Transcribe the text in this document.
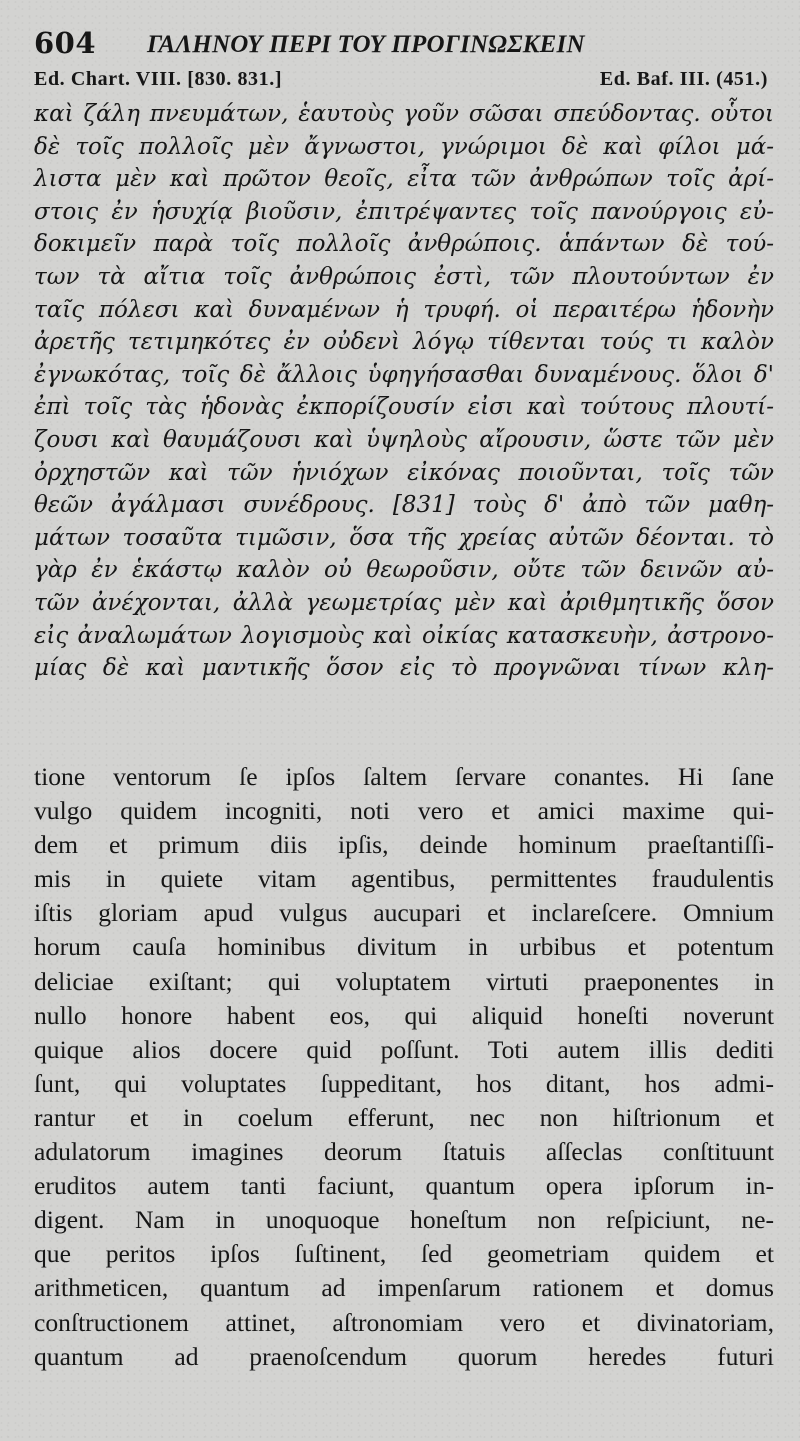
604 ΓΑΛΗΝΟΥ ΠΕΡΙ ΤΟΥ ΠΡΟΓΙΝΩΣΚΕΙΝ
Ed. Chart. VIII. [830. 831.]	Ed. Baf. III. (451.)
καὶ ζάλη πνευμάτων, ἑαυτοὺς γοῦν σῶσαι σπεύδοντας. οὗτοι
δὲ τοῖς πολλοῖς μὲν ἄγνωστοι, γνώριμοι δὲ καὶ φίλοι μά-
λιστα μὲν καὶ πρῶτον θεοῖς, εἶτα τῶν ἀνθρώπων τοῖς ἀρί-
στοις ἐν ἡσυχίᾳ βιοῦσιν, ἐπιτρέψαντες τοῖς πανούργοις εὐ-
δοκιμεῖν παρὰ τοῖς πολλοῖς ἀνθρώποις. ἁπάντων δὲ τού-
των τὰ αἴτια τοῖς ἀνθρώποις ἐστὶ, τῶν πλουτούντων ἐν
ταῖς πόλεσι καὶ δυναμένων ἡ τρυφή. οἱ περαιτέρω ἡδονὴν
ἀρετῆς τετιμηκότες ἐν οὐδενὶ λόγῳ τίθενται τούς τι καλὸν
ἐγνωκότας, τοῖς δὲ ἄλλοις ὑφηγήσασθαι δυναμένους. ὅλοι δ'
ἐπὶ τοῖς τὰς ἡδονὰς ἐκπορίζουσίν εἰσι καὶ τούτους πλουτί-
ζουσι καὶ θαυμάζουσι καὶ ὑψηλοὺς αἴρουσιν, ὥστε τῶν μὲν
ὀρχηστῶν καὶ τῶν ἡνιόχων εἰκόνας ποιοῦνται, τοῖς τῶν
θεῶν ἀγάλμασι συνέδρους. [831] τοὺς δ' ἀπὸ τῶν μαθη-
μάτων τοσαῦτα τιμῶσιν, ὅσα τῆς χρείας αὐτῶν δέονται. τὸ
γὰρ ἐν ἑκάστῳ καλὸν οὐ θεωροῦσιν, οὔτε τῶν δεινῶν αὐ-
τῶν ἀνέχονται, ἀλλὰ γεωμετρίας μὲν καὶ ἀριθμητικῆς ὅσον
εἰς ἀναλωμάτων λογισμοὺς καὶ οἰκίας κατασκευὴν, ἀστρονο-
μίας δὲ καὶ μαντικῆς ὅσον εἰς τὸ προγνῶναι τίνων κλη-
tione ventorum ſe ipſos ſaltem ſervare conantes. Hi ſane
vulgo quidem incogniti, noti vero et amici maxime qui-
dem et primum diis ipſis, deinde hominum praeſtantiſſi-
mis in quiete vitam agentibus, permittentes fraudulentis
iſtis gloriam apud vulgus aucupari et inclareſcere. Omnium
horum cauſa hominibus divitum in urbibus et potentum
deliciae exiſtant; qui voluptatem virtuti praeponentes in
nullo honore habent eos, qui aliquid honeſti noverunt
quique alios docere quid poſſunt. Toti autem illis dediti
ſunt, qui voluptates ſuppeditant, hos ditant, hos admi-
rantur et in coelum efferunt, nec non hiſtrionum et
adulatorum imagines deorum ſtatuis aſſeclas conſtituunt
eruditos autem tanti faciunt, quantum opera ipſorum in-
digent. Nam in unoquoque honeſtum non reſpiciunt, ne-
que peritos ipſos ſuſtinent, ſed geometriam quidem et
arithmeticen, quantum ad impenſarum rationem et domus
conſtructionem attinet, aſtronomiam vero et divinatoriam,
quantum ad praenoſcendum quorum heredes futuri
